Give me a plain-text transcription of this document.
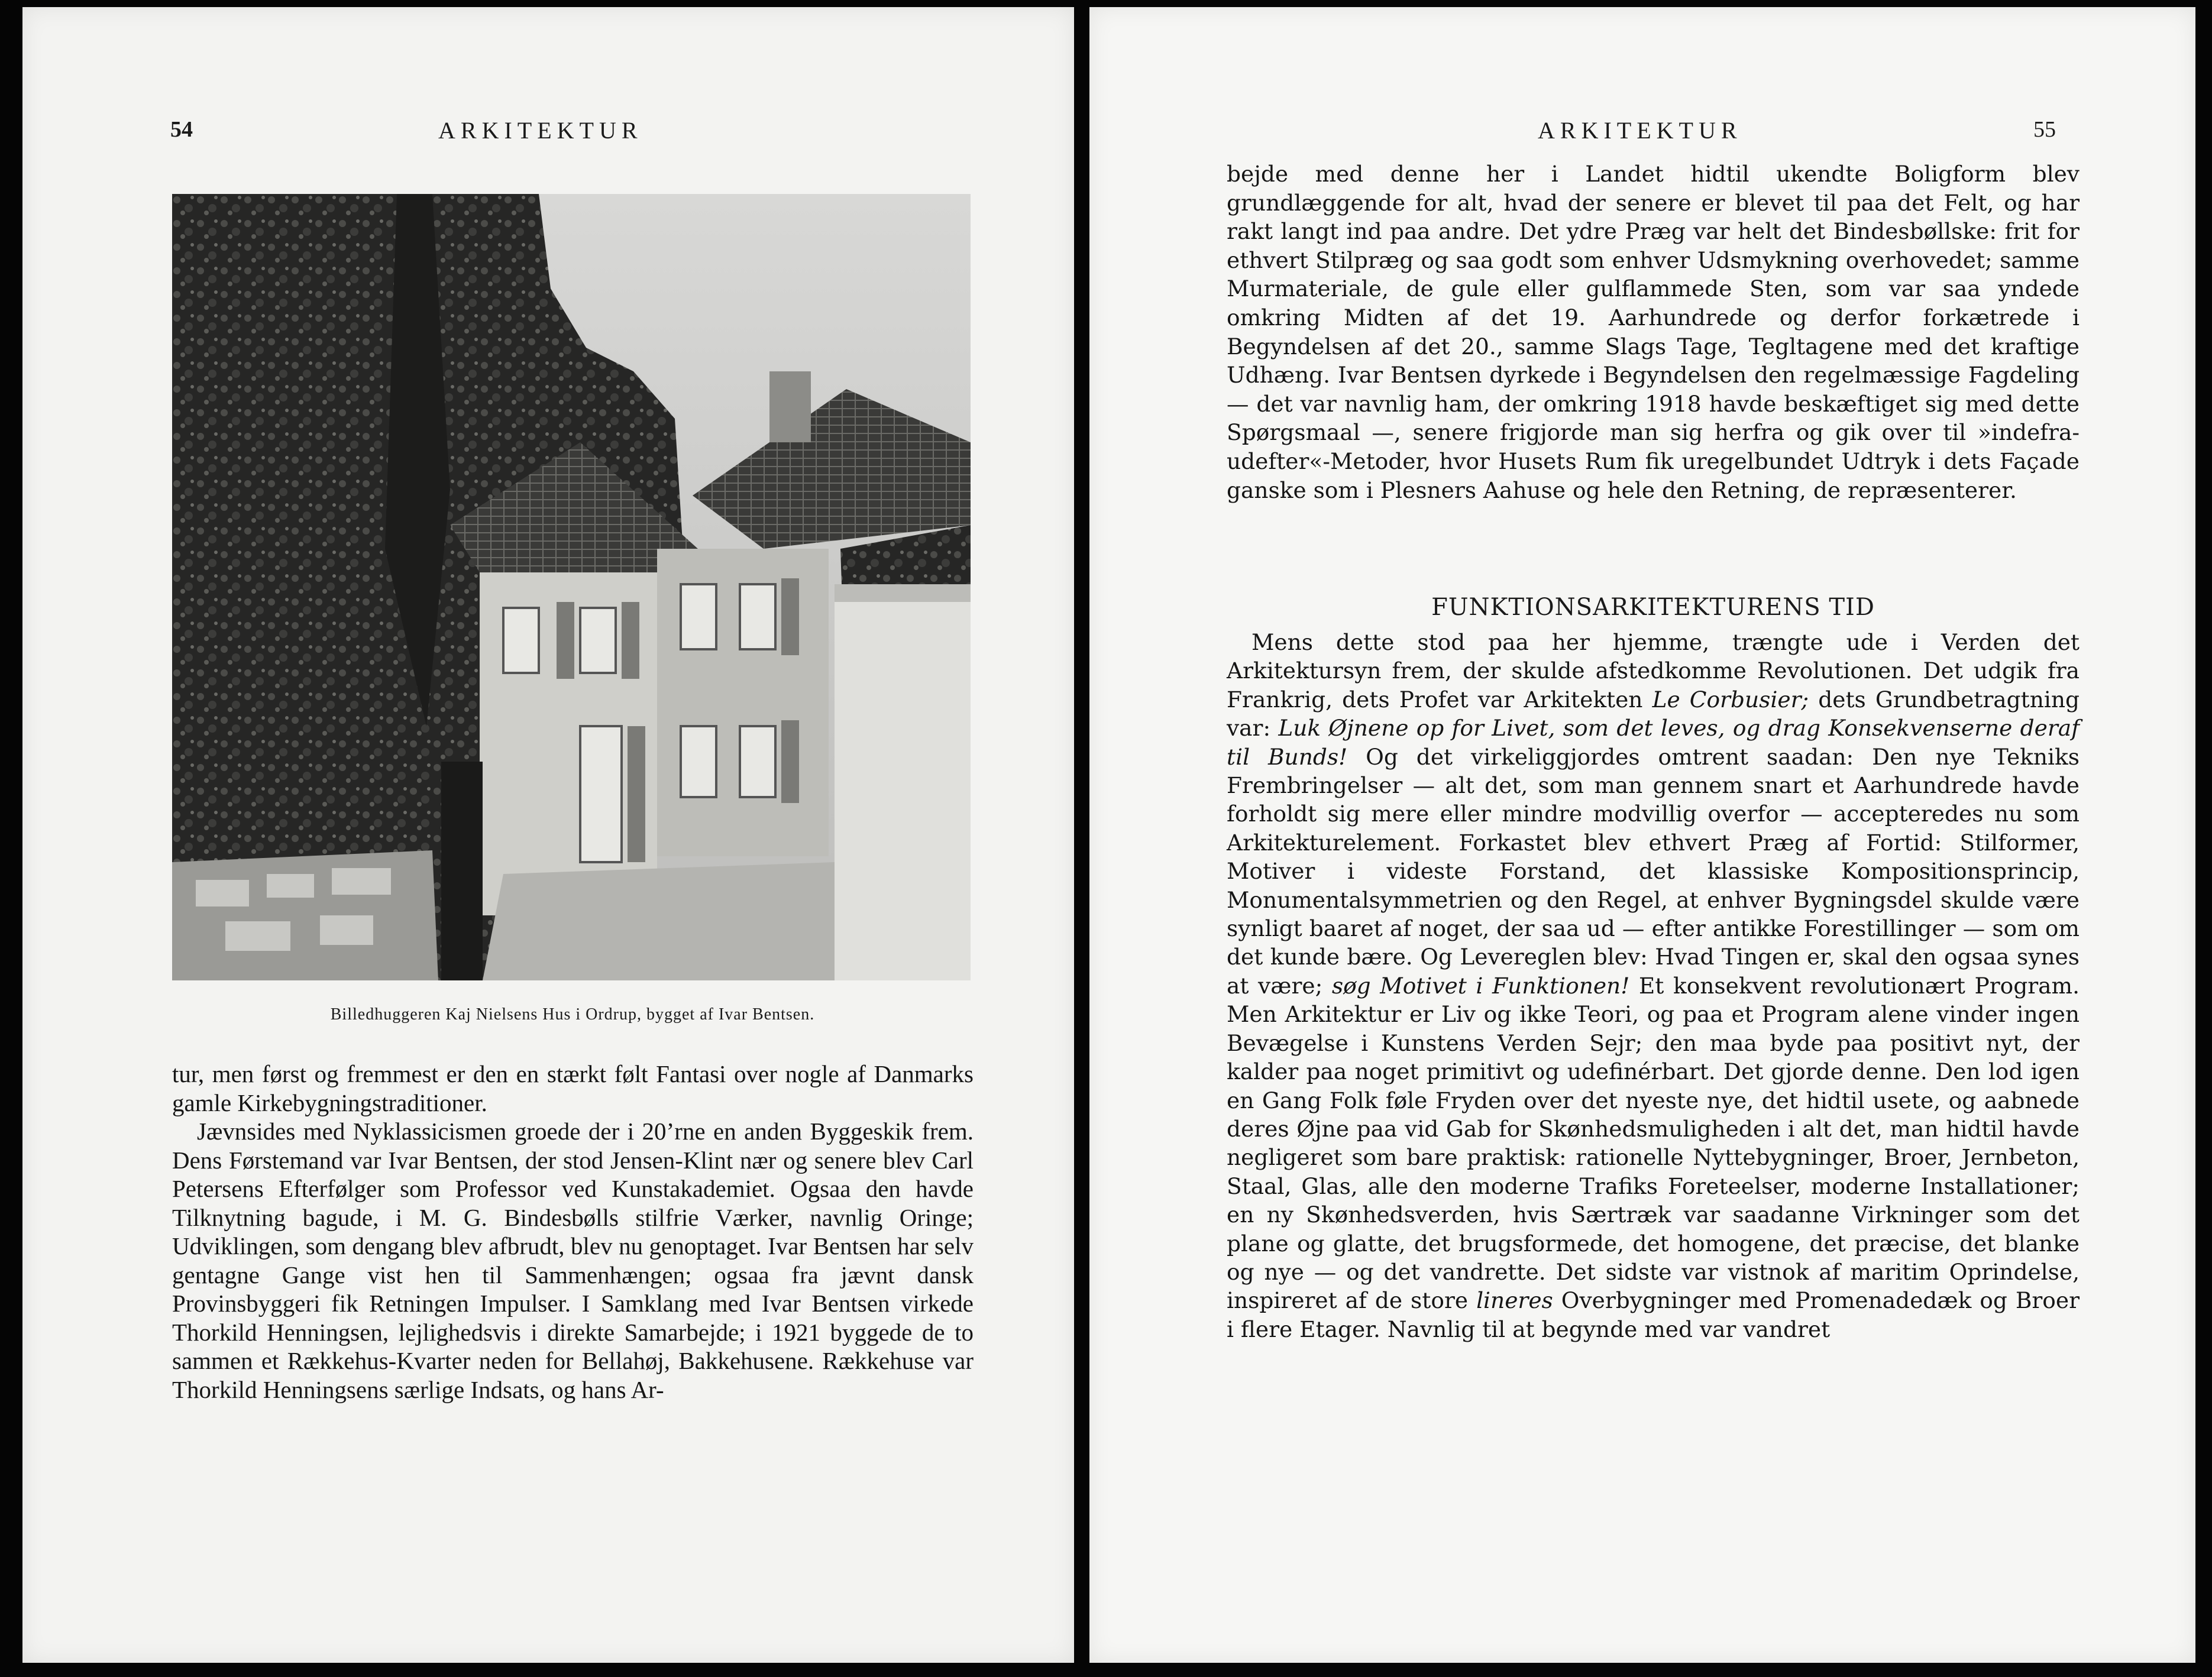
54	ARKITEKTUR
Billedhuggeren Kaj Nielsens Hus i Ordrup, bygget af Ivar Bentsen.

tur, men først og fremmest er den en stærkt følt Fantasi over nogle af Danmarks gamle Kirkebygningstraditioner.

Jævnsides med Nyklassicismen groede der i 20’rne en anden Byggeskik frem. Dens Førstemand var Ivar Bentsen, der stod Jensen-Klint nær og senere blev Carl Petersens Efterfølger som Professor ved Kunstakademiet. Ogsaa den havde Tilknytning bagude, i M. G. Bindesbølls stilfrie Værker, navnlig Oringe; Udviklingen, som dengang blev afbrudt, blev nu genoptaget. Ivar Bentsen har selv gentagne Gange vist hen til Sammenhængen; ogsaa fra jævnt dansk Provinsbyggeri fik Retningen Impulser. I Samklang med Ivar Bentsen virkede Thorkild Henningsen, lejlighedsvis i direkte Samarbejde; i 1921 byggede de to sammen et Rækkehus-Kvarter neden for Bellahøj, Bakkehusene. Rækkehuse var Thorkild Henningsens særlige Indsats, og hans Ar-

ARKITEKTUR	55

bejde med denne her i Landet hidtil ukendte Boligform blev grundlæggende for alt, hvad der senere er blevet til paa det Felt, og har rakt langt ind paa andre. Det ydre Præg var helt det Bindesbøllske: frit for ethvert Stilpræg og saa godt som enhver Udsmykning overhovedet; samme Murmateriale, de gule eller gulflammede Sten, som var saa yndede omkring Midten af det 19. Aarhundrede og derfor forkætrede i Begyndelsen af det 20., samme Slags Tage, Tegltagene med det kraftige Udhæng. Ivar Bentsen dyrkede i Begyndelsen den regelmæssige Fagdeling — det var navnlig ham, der omkring 1918 havde beskæftiget sig med dette Spørgsmaal —, senere frigjorde man sig herfra og gik over til »indefra-udefter«-Metoder, hvor Husets Rum fik uregelbundet Udtryk i dets Façade ganske som i Plesners Aahuse og hele den Retning, de repræsenterer.

FUNKTIONSARKITEKTURENS TID

Mens dette stod paa her hjemme, trængte ude i Verden det Arkitektursyn frem, der skulde afstedkomme Revolutionen. Det udgik fra Frankrig, dets Profet var Arkitekten Le Corbusier; dets Grundbetragtning var: Luk Øjnene op for Livet, som det leves, og drag Konsekvenserne deraf til Bunds! Og det virkeliggjordes omtrent saadan: Den nye Tekniks Frembringelser — alt det, som man gennem snart et Aarhundrede havde forholdt sig mere eller mindre modvillig overfor — accepteredes nu som Arkitekturelement. Forkastet blev ethvert Præg af Fortid: Stilformer, Motiver i videste Forstand, det klassiske Kompositionsprincip, Monumentalsymmetrien og den Regel, at enhver Bygningsdel skulde være synligt baaret af noget, der saa ud — efter antikke Forestillinger — som om det kunde bære. Og Levereglen blev: Hvad Tingen er, skal den ogsaa synes at være; søg Motivet i Funktionen! Et konsekvent revolutionært Program. Men Arkitektur er Liv og ikke Teori, og paa et Program alene vinder ingen Bevægelse i Kunstens Verden Sejr; den maa byde paa positivt nyt, der kalder paa noget primitivt og udefinérbart. Det gjorde denne. Den lod igen en Gang Folk føle Fryden over det nyeste nye, det hidtil usete, og aabnede deres Øjne paa vid Gab for Skønhedsmuligheden i alt det, man hidtil havde negligeret som bare praktisk: rationelle Nyttebygninger, Broer, Jernbeton, Staal, Glas, alle den moderne Trafiks Foreteelser, moderne Installationer; en ny Skønhedsverden, hvis Særtræk var saadanne Virkninger som det plane og glatte, det brugsformede, det homogene, det præcise, det blanke og nye — og det vandrette. Det sidste var vistnok af maritim Oprindelse, inspireret af de store lineres Overbygninger med Promenadedæk og Broer i flere Etager. Navnlig til at begynde med var vandret
